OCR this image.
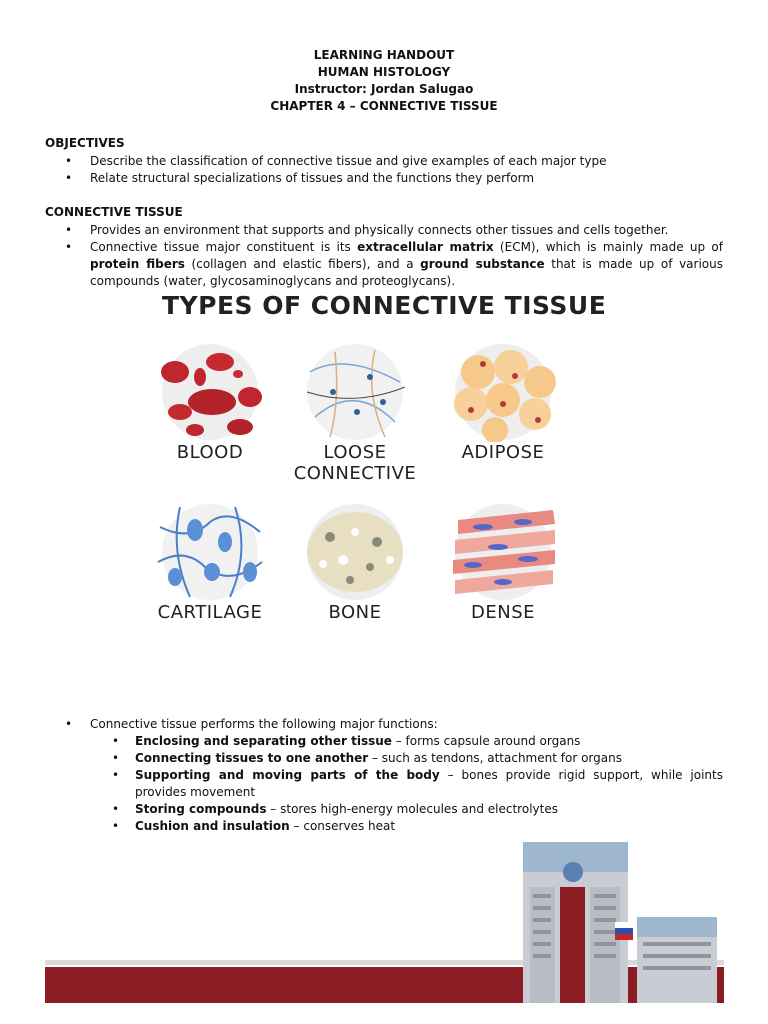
LEARNING HANDOUT
HUMAN HISTOLOGY
Instructor: Jordan Salugao
CHAPTER 4 – CONNECTIVE TISSUE
OBJECTIVES
• Describe the classification of connective tissue and give examples of each major type
• Relate structural specializations of tissues and the functions they perform
CONNECTIVE TISSUE
• Provides an environment that supports and physically connects other tissues and cells together.
• Connective tissue major constituent is its extracellular matrix (ECM), which is mainly made up of protein fibers (collagen and elastic fibers), and a ground substance that is made up of various compounds (water, glycosaminoglycans and proteoglycans).
TYPES OF CONNECTIVE TISSUE
BLOOD	LOOSE
CONNECTIVE
ADIPOSE
CARTILAGE	BONE	DENSE
• Connective tissue performs the following major functions:
• Enclosing and separating other tissue – forms capsule around organs
• Connecting tissues to one another – such as tendons, attachment for organs
• Supporting and moving parts of the body – bones provide rigid support, while joints provides movement
• Storing compounds – stores high-energy molecules and electrolytes
• Cushion and insulation – conserves heat
